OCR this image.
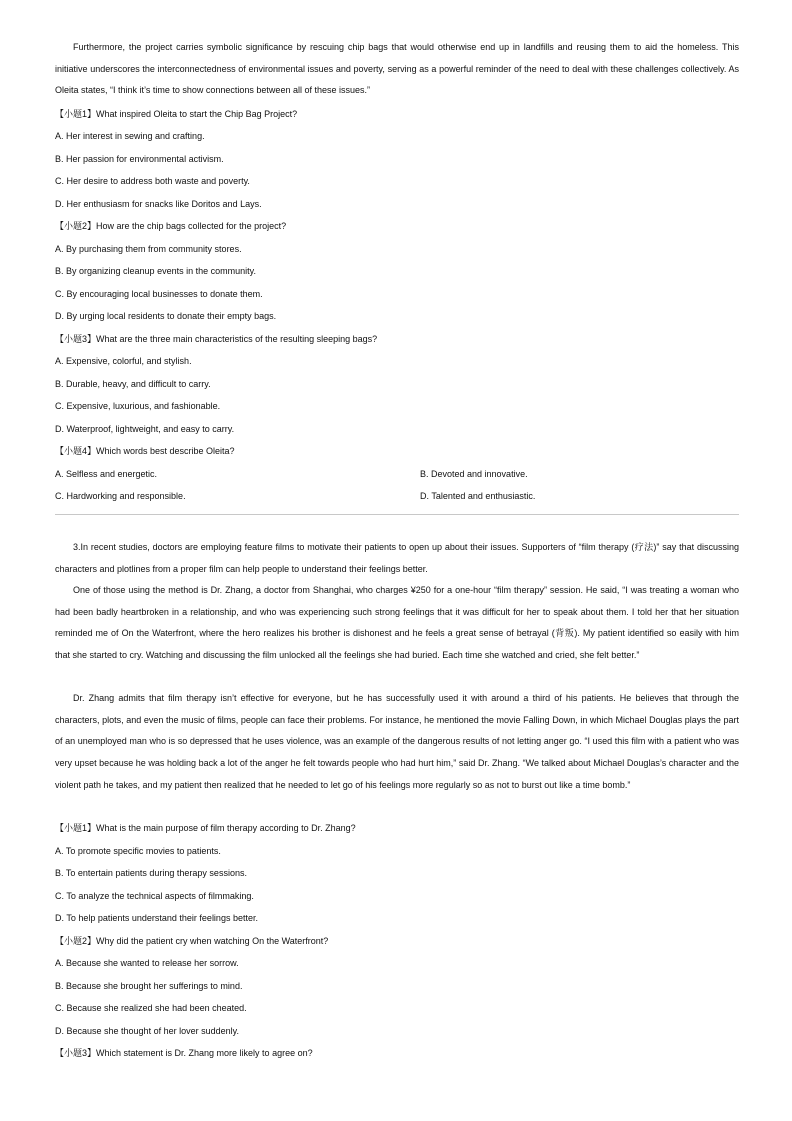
Furthermore, the project carries symbolic significance by rescuing chip bags that would otherwise end up in landfills and reusing them to aid the homeless. This initiative underscores the interconnectedness of environmental issues and poverty, serving as a powerful reminder of the need to deal with these challenges collectively. As Oleita states, “I think it’s time to show connections between all of these issues.”

【小题1】What inspired Oleita to start the Chip Bag Project?

A. Her interest in sewing and crafting.

B. Her passion for environmental activism.

C. Her desire to address both waste and poverty.

D. Her enthusiasm for snacks like Doritos and Lays.

【小题2】How are the chip bags collected for the project?

A. By purchasing them from community stores.

B. By organizing cleanup events in the community.

C. By encouraging local businesses to donate them.

D. By urging local residents to donate their empty bags.

【小题3】What are the three main characteristics of the resulting sleeping bags?

A. Expensive, colorful, and stylish.

B. Durable, heavy, and difficult to carry.

C. Expensive, luxurious, and fashionable.

D. Waterproof, lightweight, and easy to carry.

【小题4】Which words best describe Oleita?

A. Selfless and energetic.	B. Devoted and innovative.

C. Hardworking and responsible.	D. Talented and enthusiastic.

3.In recent studies, doctors are employing feature films to motivate their patients to open up about their issues. Supporters of “film therapy (疗法)” say that discussing characters and plotlines from a proper film can help people to understand their feelings better.

One of those using the method is Dr. Zhang, a doctor from Shanghai, who charges ¥250 for a one-hour “film therapy” session. He said, “I was treating a woman who had been badly heartbroken in a relationship, and who was experiencing such strong feelings that it was difficult for her to speak about them. I told her that her situation reminded me of On the Waterfront, where the hero realizes his brother is dishonest and he feels a great sense of betrayal (背叛). My patient identified so easily with him that she started to cry. Watching and discussing the film unlocked all the feelings she had buried. Each time she watched and cried, she felt better.”

Dr. Zhang admits that film therapy isn’t effective for everyone, but he has successfully used it with around a third of his patients. He believes that through the characters, plots, and even the music of films, people can face their problems. For instance, he mentioned the movie Falling Down, in which Michael Douglas plays the part of an unemployed man who is so depressed that he uses violence, was an example of the dangerous results of not letting anger go. “I used this film with a patient who was very upset because he was holding back a lot of the anger he felt towards people who had hurt him,” said Dr. Zhang. “We talked about Michael Douglas’s character and the violent path he takes, and my patient then realized that he needed to let go of his feelings more regularly so as not to burst out like a time bomb.”

【小题1】What is the main purpose of film therapy according to Dr. Zhang?

A. To promote specific movies to patients.

B. To entertain patients during therapy sessions.

C. To analyze the technical aspects of filmmaking.

D. To help patients understand their feelings better.

【小题2】Why did the patient cry when watching On the Waterfront?

A. Because she wanted to release her sorrow.

B. Because she brought her sufferings to mind.

C. Because she realized she had been cheated.

D. Because she thought of her lover suddenly.

【小题3】Which statement is Dr. Zhang more likely to agree on?
